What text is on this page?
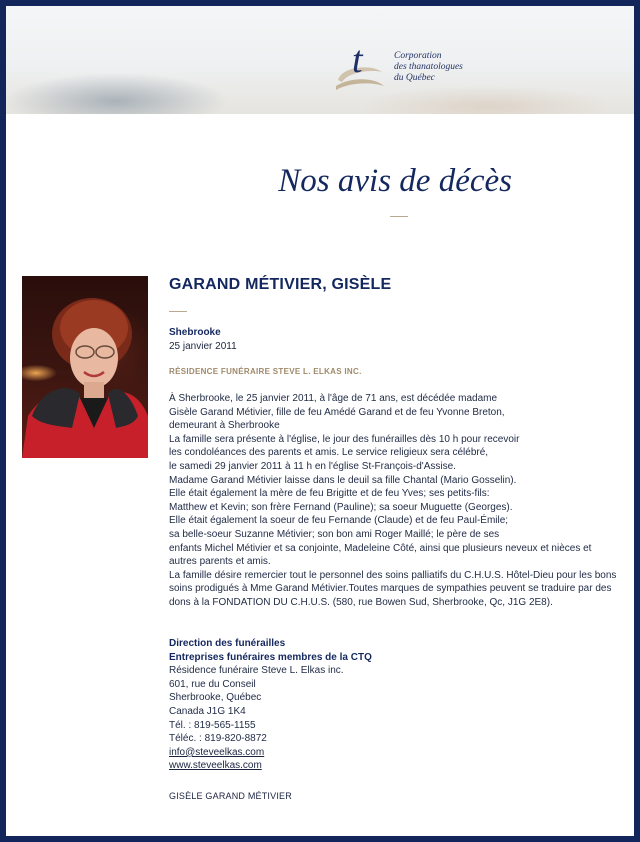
t	Corporation
des thanatologues
du Québec
Nos avis de décès
GARAND MÉTIVIER, GISÈLE
Shebrooke
25 janvier 2011
RÉSIDENCE FUNÉRAIRE STEVE L. ELKAS INC.
À Sherbrooke, le 25 janvier 2011, à l'âge de 71 ans, est décédée madame
Gisèle Garand Métivier, fille de feu Amédé Garand et de feu Yvonne Breton,
demeurant à Sherbrooke
La famille sera présente à l'église, le jour des funérailles dès 10 h pour recevoir
les condoléances des parents et amis. Le service religieux sera célébré,
le samedi 29 janvier 2011 à 11 h en l'église St-François-d'Assise.
Madame Garand Métivier laisse dans le deuil sa fille Chantal (Mario Gosselin).
Elle était également la mère de feu Brigitte et de feu Yves; ses petits-fils:
Matthew et Kevin; son frère Fernand (Pauline); sa soeur Muguette (Georges).
Elle était également la soeur de feu Fernande (Claude) et de feu Paul-Émile;
sa belle-soeur Suzanne Métivier; son bon ami Roger Maillé; le père de ses
enfants Michel Métivier et sa conjointe, Madeleine Côté, ainsi que plusieurs neveux et nièces et
autres parents et amis.
La famille désire remercier tout le personnel des soins palliatifs du C.H.U.S. Hôtel-Dieu pour les bons
soins prodigués à Mme Garand Métivier.Toutes marques de sympathies peuvent se traduire par des
dons à la FONDATION DU C.H.U.S. (580, rue Bowen Sud, Sherbrooke, Qc, J1G 2E8).
Direction des funérailles
Entreprises funéraires membres de la CTQ
Résidence funéraire Steve L. Elkas inc.
601, rue du Conseil
Sherbrooke, Québec
Canada J1G 1K4
Tél. : 819-565-1155
Téléc. : 819-820-8872
info@steveelkas.com
www.steveelkas.com
GISÈLE GARAND MÉTIVIER
